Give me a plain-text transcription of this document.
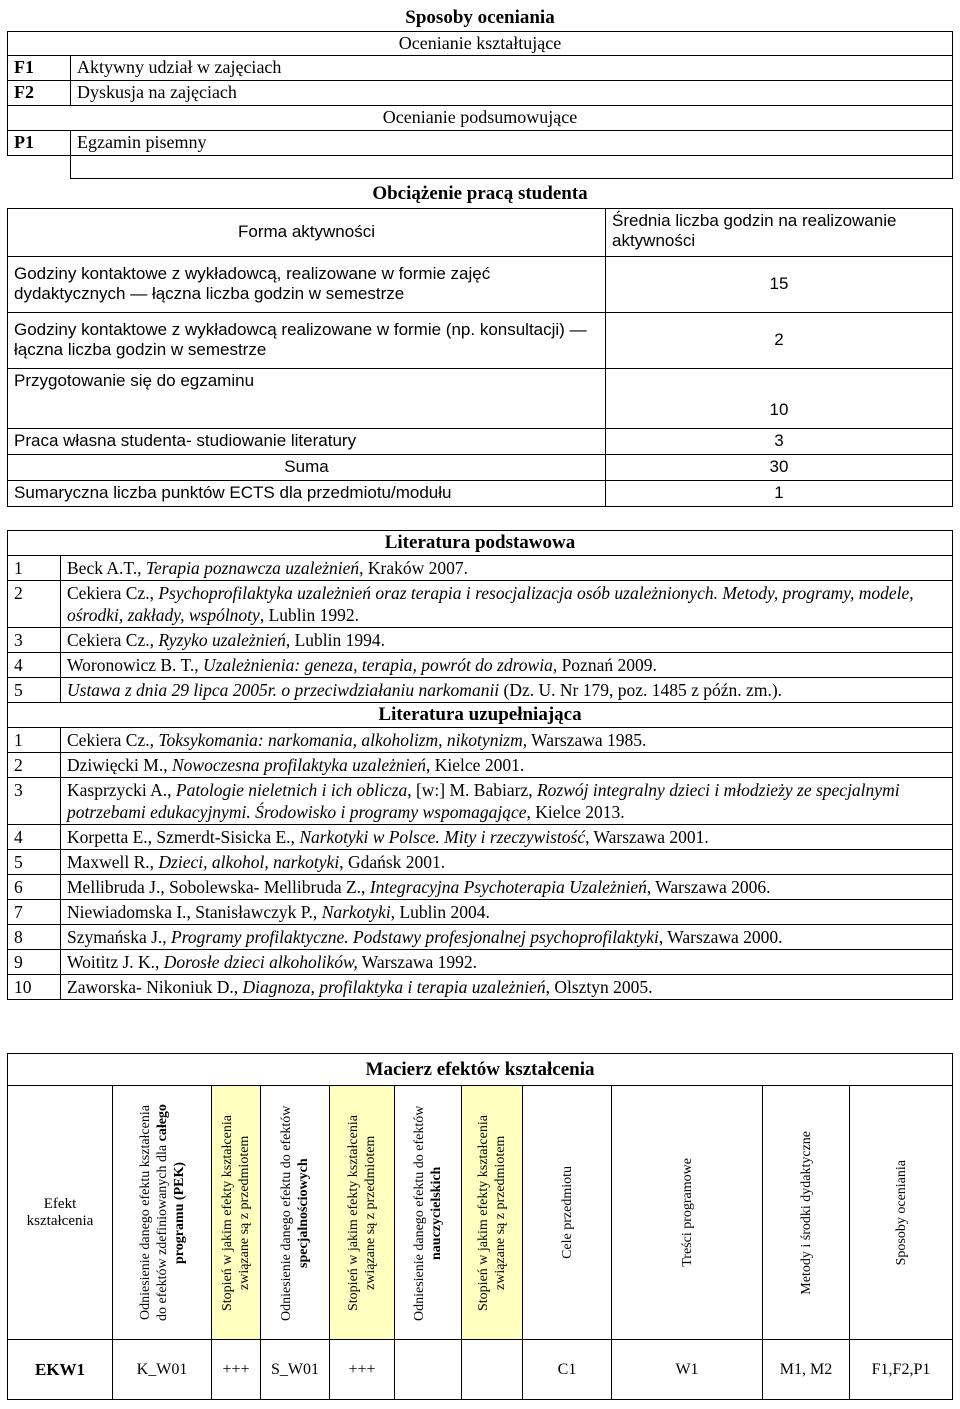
Sposoby oceniania	
Ocenianie kształtujące	
F1	Aktywny udział w zajęciach
F2	Dyskusja na zajęciach
Ocenianie podsumowujące	
P1	Egzamin pisemny

Obciążenie pracą studenta	
Forma aktywności	Średnia liczba godzin na realizowanie aktywności
Godziny kontaktowe z wykładowcą, realizowane w formie zajęć dydaktycznych — łączna liczba godzin w semestrze	15
Godziny kontaktowe z wykładowcą realizowane w formie (np. konsultacji) — łączna liczba godzin w semestrze	2
Przygotowanie się do egzaminu	10
Praca własna studenta- studiowanie literatury	3
Suma	30
Sumaryczna liczba punktów ECTS dla przedmiotu/modułu	1
Literatura podstawowa	
1	Beck A.T., Terapia poznawcza uzależnień, Kraków 2007.
2	Cekiera Cz., Psychoprofilaktyka uzależnień oraz terapia i resocjalizacja osób uzależnionych. Metody, programy, modele, ośrodki, zakłady, wspólnoty, Lublin 1992.
3	Cekiera Cz., Ryzyko uzależnień, Lublin 1994.
4	Woronowicz B. T., Uzależnienia: geneza, terapia, powrót do zdrowia, Poznań 2009.
5	Ustawa z dnia 29 lipca 2005r. o przeciwdziałaniu narkomanii (Dz. U. Nr 179, poz. 1485 z późn. zm.).
Literatura uzupełniająca	
1	Cekiera Cz., Toksykomania: narkomania, alkoholizm, nikotynizm, Warszawa 1985.
2	Dziwięcki M., Nowoczesna profilaktyka uzależnień, Kielce 2001.
3	Kasprzycki A., Patologie nieletnich i ich oblicza, [w:] M. Babiarz, Rozwój integralny dzieci i młodzieży ze specjalnymi potrzebami edukacyjnymi. Środowisko i programy wspomagające, Kielce 2013.
4	Korpetta E., Szmerdt-Sisicka E., Narkotyki w Polsce. Mity i rzeczywistość, Warszawa 2001.
5	Maxwell R., Dzieci, alkohol, narkotyki, Gdańsk 2001.
6	Mellibruda J., Sobolewska- Mellibruda Z., Integracyjna Psychoterapia Uzależnień, Warszawa 2006.
7	Niewiadomska I., Stanisławczyk P., Narkotyki, Lublin 2004.
8	Szymańska J., Programy profilaktyczne. Podstawy profesjonalnej psychoprofilaktyki, Warszawa 2000.
9	Woititz J. K., Dorosłe dzieci alkoholików, Warszawa 1992.
10	Zaworska- Nikoniuk D., Diagnoza, profilaktyka i terapia uzależnień, Olsztyn 2005.
Macierz efektów kształcenia										
Efekt kształcenia	Odniesienie danego efektu kształcenia do efektów zdefiniowanych dla całego programu (PEK)	Stopień w jakim efekty kształcenia związane są z przedmiotem	Odniesienie danego efektu do efektów specjalnościowych	Stopień w jakim efekty kształcenia związane są z przedmiotem	Odniesienie danego efektu do efektów nauczycielskich	Stopień w jakim efekty kształcenia związane są z przedmiotem	Cele przedmiotu	Treści programowe	Metody i środki dydaktyczne	Sposoby oceniania

EKW1	K_W01	+++	S_W01	+++			C1	W1	M1, M2	F1,F2,P1
